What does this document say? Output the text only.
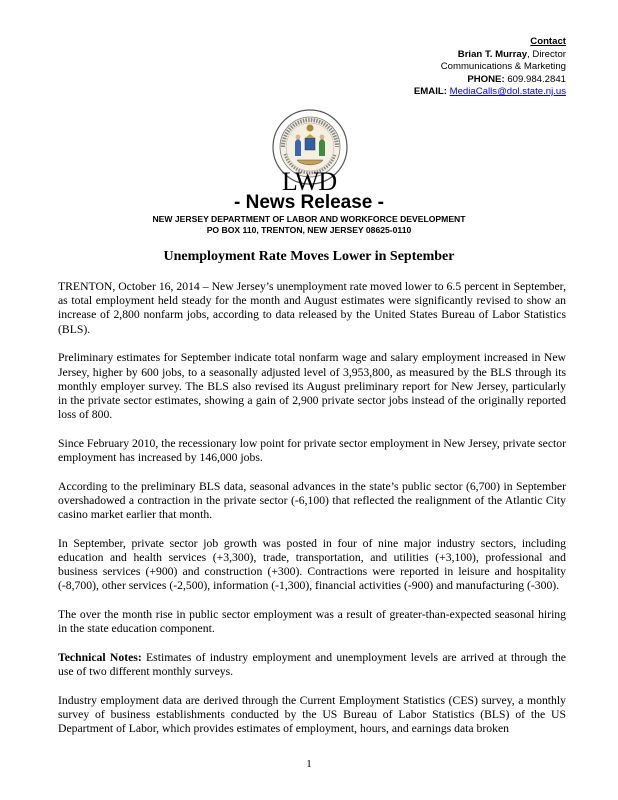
Contact
Brian T. Murray, Director
Communications & Marketing
PHONE: 609.984.2841
EMAIL: MediaCalls@dol.state.nj.us
LWD
- News Release -
NEW JERSEY DEPARTMENT OF LABOR AND WORKFORCE DEVELOPMENT
PO BOX 110, TRENTON, NEW JERSEY 08625-0110
Unemployment Rate Moves Lower in September

TRENTON, October 16, 2014 – New Jersey’s unemployment rate moved lower to 6.5 percent in September, as total employment held steady for the month and August estimates were significantly revised to show an increase of 2,800 nonfarm jobs, according to data released by the United States Bureau of Labor Statistics (BLS).

Preliminary estimates for September indicate total nonfarm wage and salary employment increased in New Jersey, higher by 600 jobs, to a seasonally adjusted level of 3,953,800, as measured by the BLS through its monthly employer survey. The BLS also revised its August preliminary report for New Jersey, particularly in the private sector estimates, showing a gain of 2,900 private sector jobs instead of the originally reported loss of 800.

Since February 2010, the recessionary low point for private sector employment in New Jersey, private sector employment has increased by 146,000 jobs.

According to the preliminary BLS data, seasonal advances in the state’s public sector (6,700) in September overshadowed a contraction in the private sector (-6,100) that reflected the realignment of the Atlantic City casino market earlier that month.

In September, private sector job growth was posted in four of nine major industry sectors, including education and health services (+3,300), trade, transportation, and utilities (+3,100), professional and business services (+900) and construction (+300). Contractions were reported in leisure and hospitality (-8,700), other services (-2,500), information (-1,300), financial activities (-900) and manufacturing (-300).

The over the month rise in public sector employment was a result of greater-than-expected seasonal hiring in the state education component.

Technical Notes: Estimates of industry employment and unemployment levels are arrived at through the use of two different monthly surveys.

Industry employment data are derived through the Current Employment Statistics (CES) survey, a monthly survey of business establishments conducted by the US Bureau of Labor Statistics (BLS) of the US Department of Labor, which provides estimates of employment, hours, and earnings data broken

1
